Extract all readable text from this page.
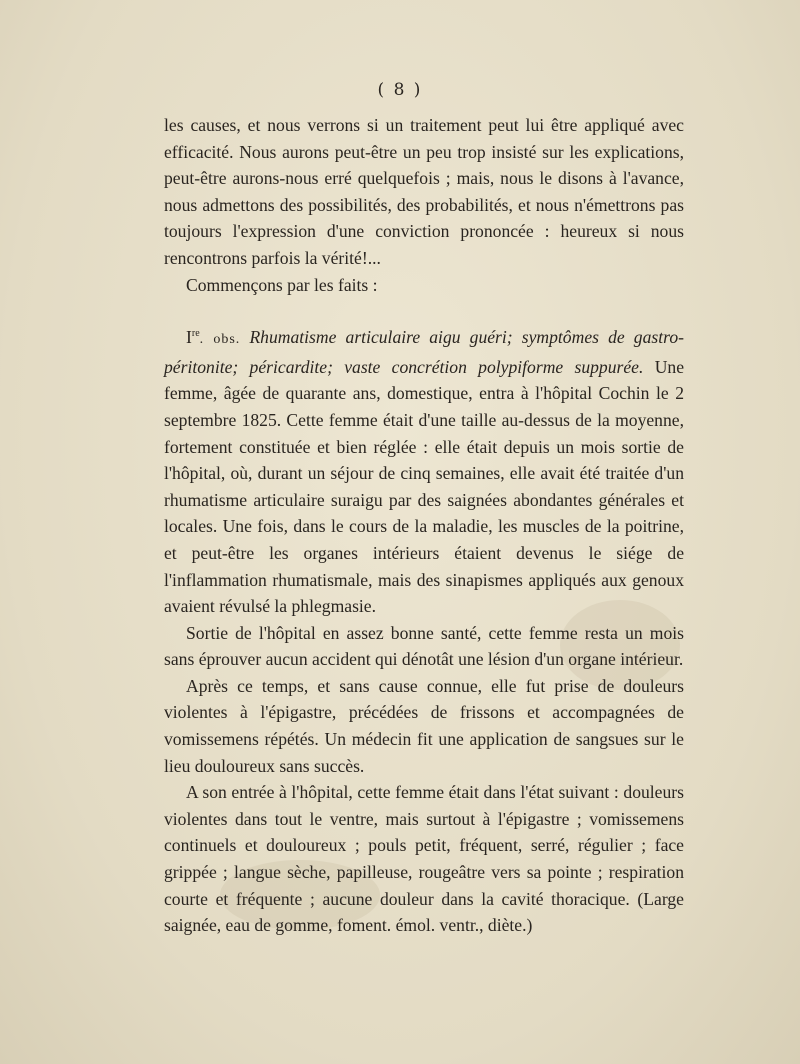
( 8 )

les causes, et nous verrons si un traitement peut lui être appliqué avec efficacité. Nous aurons peut-être un peu trop insisté sur les explications, peut-être aurons-nous erré quelquefois ; mais, nous le disons à l'avance, nous admettons des possibilités, des probabilités, et nous n'émettrons pas toujours l'expression d'une conviction prononcée : heureux si nous rencontrons parfois la vérité!...

Commençons par les faits :

Ire. obs. Rhumatisme articulaire aigu guéri; symptômes de gastro-péritonite; péricardite; vaste concrétion polypiforme suppurée. Une femme, âgée de quarante ans, domestique, entra à l'hôpital Cochin le 2 septembre 1825. Cette femme était d'une taille au-dessus de la moyenne, fortement constituée et bien réglée : elle était depuis un mois sortie de l'hôpital, où, durant un séjour de cinq semaines, elle avait été traitée d'un rhumatisme articulaire suraigu par des saignées abondantes générales et locales. Une fois, dans le cours de la maladie, les muscles de la poitrine, et peut-être les organes intérieurs étaient devenus le siége de l'inflammation rhumatismale, mais des sinapismes appliqués aux genoux avaient révulsé la phlegmasie.

Sortie de l'hôpital en assez bonne santé, cette femme resta un mois sans éprouver aucun accident qui dénotât une lésion d'un organe intérieur.

Après ce temps, et sans cause connue, elle fut prise de douleurs violentes à l'épigastre, précédées de frissons et accompagnées de vomissemens répétés. Un médecin fit une application de sangsues sur le lieu douloureux sans succès.

A son entrée à l'hôpital, cette femme était dans l'état suivant : douleurs violentes dans tout le ventre, mais surtout à l'épigastre ; vomissemens continuels et douloureux ; pouls petit, fréquent, serré, régulier ; face grippée ; langue sèche, papilleuse, rougeâtre vers sa pointe ; respiration courte et fréquente ; aucune douleur dans la cavité thoracique. (Large saignée, eau de gomme, foment. émol. ventr., diète.)
